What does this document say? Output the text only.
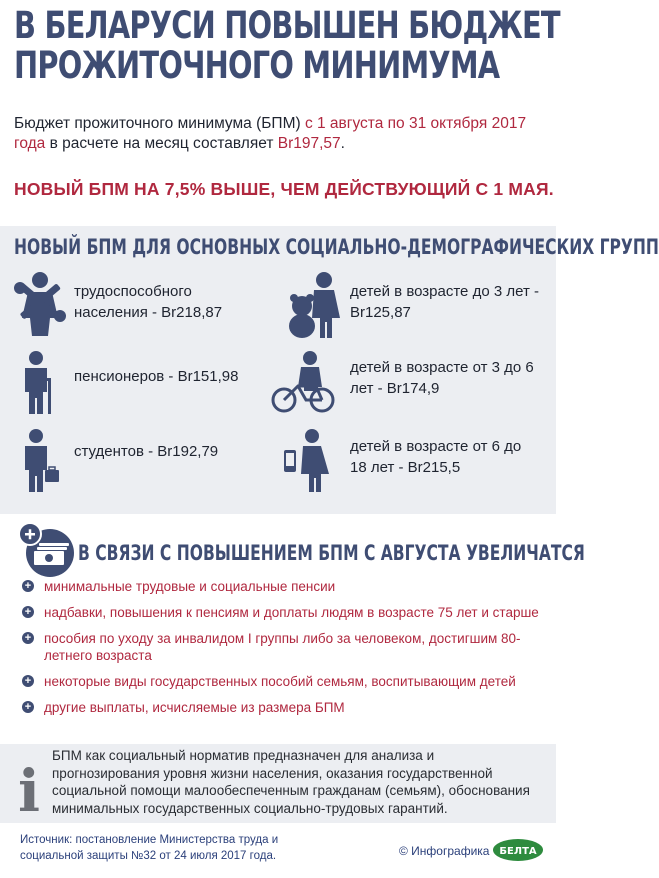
В БЕЛАРУСИ ПОВЫШЕН БЮДЖЕТ
ПРОЖИТОЧНОГО МИНИМУМА
Бюджет прожиточного минимума (БПМ) с 1 августа по 31 октября 2017 года в расчете на месяц составляет Br197,57.
НОВЫЙ БПМ НА 7,5% ВЫШЕ, ЧЕМ ДЕЙСТВУЮЩИЙ С 1 МАЯ.
НОВЫЙ БПМ ДЛЯ ОСНОВНЫХ СОЦИАЛЬНО-ДЕМОГРАФИЧЕСКИХ ГРУПП
трудоспособного населения - Br218,87
пенсионеров - Br151,98
студентов - Br192,79
детей в возрасте до 3 лет - Br125,87
детей в возрасте от 3 до 6 лет - Br174,9
детей в возрасте от 6 до 18 лет - Br215,5
В СВЯЗИ С ПОВЫШЕНИЕМ БПМ С АВГУСТА УВЕЛИЧАТСЯ
+ минимальные трудовые и социальные пенсии
+ надбавки, повышения к пенсиям и доплаты людям в возрасте 75 лет и старше
+ пособия по уходу за инвалидом I группы либо за человеком, достигшим 80-летнего возраста
+ некоторые виды государственных пособий семьям, воспитывающим детей
+ другие выплаты, исчисляемые из размера БПМ
i
БПМ как социальный норматив предназначен для анализа и прогнозирования уровня жизни населения, оказания государственной социальной помощи малообеспеченным гражданам (семьям), обоснования минимальных государственных социально-трудовых гарантий.
Источник: постановление Министерства труда и социальной защиты №32 от 24 июля 2017 года.	© Инфографика БЕЛТА
